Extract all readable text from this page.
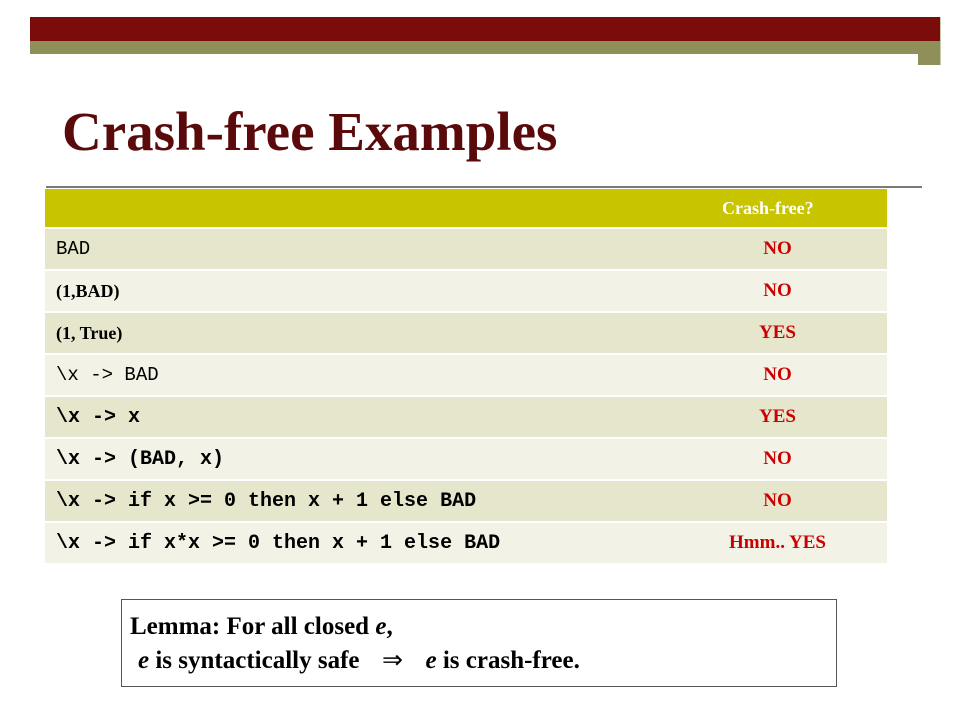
Crash-free Examples
	Crash-free?
BAD	NO
(1,BAD)	NO
(1, True)	YES
\x -> BAD	NO
\x -> x	YES
\x -> (BAD, x)	NO
\x -> if x >= 0 then x + 1 else BAD	NO
\x -> if x*x >= 0 then x + 1 else BAD	Hmm.. YES
Lemma: For all closed e,
e is syntactically safe ⇒ e is crash-free.
